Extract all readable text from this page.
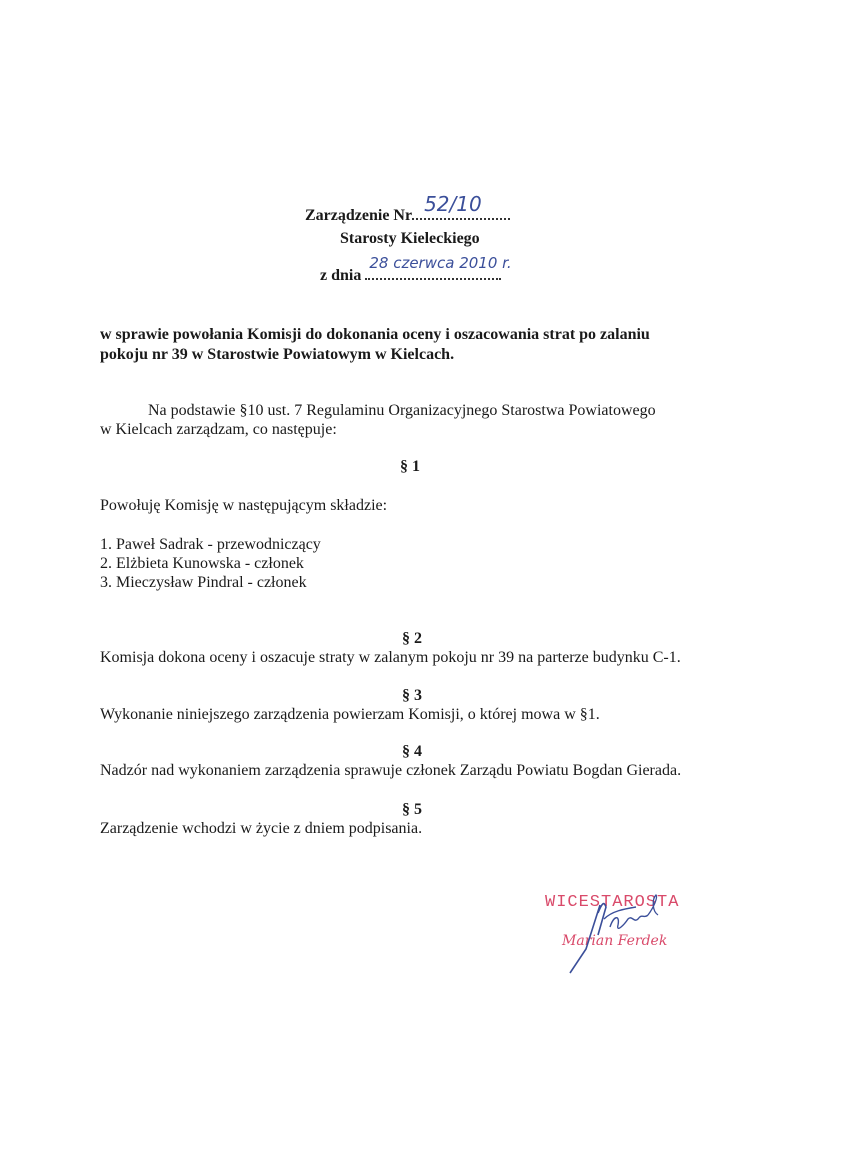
Zarządzenie Nr 52/10
Starosty Kieleckiego
z dnia
28 czerwca 2010 r.
w sprawie powołania Komisji do dokonania oceny i oszacowania strat po zalaniu
pokoju nr 39 w Starostwie Powiatowym w Kielcach.
Na podstawie §10 ust. 7 Regulaminu Organizacyjnego Starostwa Powiatowego
w Kielcach zarządzam, co następuje:
§ 1
Powołuję Komisję w następującym składzie:
1. Paweł Sadrak - przewodniczący
2. Elżbieta Kunowska - członek
3. Mieczysław Pindral - członek
§ 2
Komisja dokona oceny i oszacuje straty w zalanym pokoju nr 39 na parterze budynku C-1.
§ 3
Wykonanie niniejszego zarządzenia powierzam Komisji, o której mowa w §1.
§ 4
Nadzór nad wykonaniem zarządzenia sprawuje członek Zarządu Powiatu Bogdan Gierada.
§ 5
Zarządzenie wchodzi w życie z dniem podpisania.
WICESTAROSTA
Marian Ferdek
